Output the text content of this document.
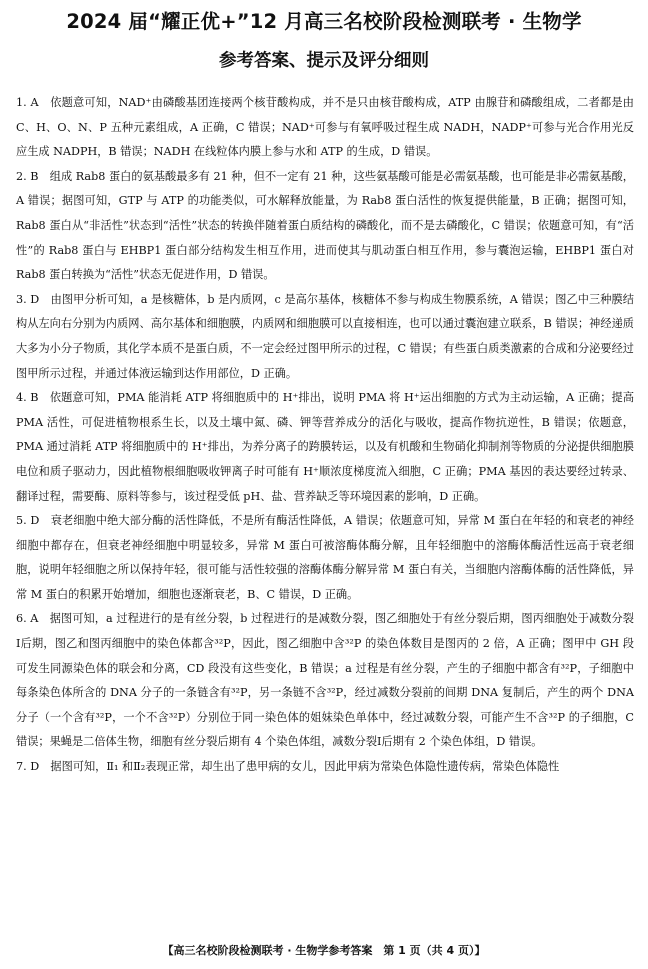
2024 届“耀正优+”12 月高三名校阶段检测联考 · 生物学
参考答案、提示及评分细则

1. A　 依题意可知，NAD⁺由磷酸基团连接两个核苷酸构成，并不是只由核苷酸构成，ATP 由腺苷和磷酸组成，二者都是由 C、H、O、N、P 五种元素组成，A 正确，C 错误；NAD⁺可参与有氧呼吸过程生成 NADH，NADP⁺可参与光合作用光反应生成 NADPH，B 错误；NADH 在线粒体内膜上参与水和 ATP 的生成，D 错误。

2. B　 组成 Rab8 蛋白的氨基酸最多有 21 种，但不一定有 21 种，这些氨基酸可能是必需氨基酸，也可能是非必需氨基酸，A 错误；据图可知，GTP 与 ATP 的功能类似，可水解释放能量，为 Rab8 蛋白活性的恢复提供能量，B 正确；据图可知，Rab8 蛋白从“非活性”状态到“活性”状态的转换伴随着蛋白质结构的磷酸化，而不是去磷酸化，C 错误；依题意可知，有“活性”的 Rab8 蛋白与 EHBP1 蛋白部分结构发生相互作用，进而使其与肌动蛋白相互作用，参与囊泡运输，EHBP1 蛋白对 Rab8 蛋白转换为“活性”状态无促进作用，D 错误。

3. D　 由图甲分析可知，a 是核糖体，b 是内质网，c 是高尔基体，核糖体不参与构成生物膜系统，A 错误；图乙中三种膜结构从左向右分别为内质网、高尔基体和细胞膜，内质网和细胞膜可以直接相连，也可以通过囊泡建立联系，B 错误；神经递质大多为小分子物质，其化学本质不是蛋白质，不一定会经过图甲所示的过程，C 错误；有些蛋白质类激素的合成和分泌要经过图甲所示过程，并通过体液运输到达作用部位，D 正确。

4. B　 依题意可知，PMA 能消耗 ATP 将细胞质中的 H⁺排出，说明 PMA 将 H⁺运出细胞的方式为主动运输，A 正确；提高 PMA 活性，可促进植物根系生长，以及土壤中氮、磷、钾等营养成分的活化与吸收，提高作物抗逆性，B 错误；依题意，PMA 通过消耗 ATP 将细胞质中的 H⁺排出，为养分离子的跨膜转运，以及有机酸和生物硝化抑制剂等物质的分泌提供细胞膜电位和质子驱动力，因此植物根细胞吸收钾离子时可能有 H⁺顺浓度梯度流入细胞，C 正确；PMA 基因的表达要经过转录、翻译过程，需要酶、原料等参与，该过程受低 pH、盐、营养缺乏等环境因素的影响，D 正确。

5. D　 衰老细胞中绝大部分酶的活性降低，不是所有酶活性降低，A 错误；依题意可知，异常 M 蛋白在年轻的和衰老的神经细胞中都存在，但衰老神经细胞中明显较多，异常 M 蛋白可被溶酶体酶分解，且年轻细胞中的溶酶体酶活性远高于衰老细胞，说明年轻细胞之所以保持年轻，很可能与活性较强的溶酶体酶分解异常 M 蛋白有关，当细胞内溶酶体酶的活性降低，异常 M 蛋白的积累开始增加，细胞也逐渐衰老，B、C 错误，D 正确。

6. A　 据图可知，a 过程进行的是有丝分裂，b 过程进行的是减数分裂，图乙细胞处于有丝分裂后期，图丙细胞处于减数分裂Ⅰ后期，图乙和图丙细胞中的染色体都含³²P，因此，图乙细胞中含³²P 的染色体数目是图丙的 2 倍，A 正确；图甲中 GH 段可发生同源染色体的联会和分离，CD 段没有这些变化，B 错误；a 过程是有丝分裂，产生的子细胞中都含有³²P，子细胞中每条染色体所含的 DNA 分子的一条链含有³²P，另一条链不含³²P，经过减数分裂前的间期 DNA 复制后，产生的两个 DNA 分子（一个含有³²P，一个不含³²P）分别位于同一染色体的姐妹染色单体中，经过减数分裂，可能产生不含³²P 的子细胞，C 错误；果蝇是二倍体生物，细胞有丝分裂后期有 4 个染色体组，减数分裂Ⅰ后期有 2 个染色体组，D 错误。

7. D　 据图可知，Ⅱ₁ 和Ⅱ₂表现正常，却生出了患甲病的女儿，因此甲病为常染色体隐性遗传病，常染色体隐性

【高三名校阶段检测联考 · 生物学参考答案　第 1 页（共 4 页）】
